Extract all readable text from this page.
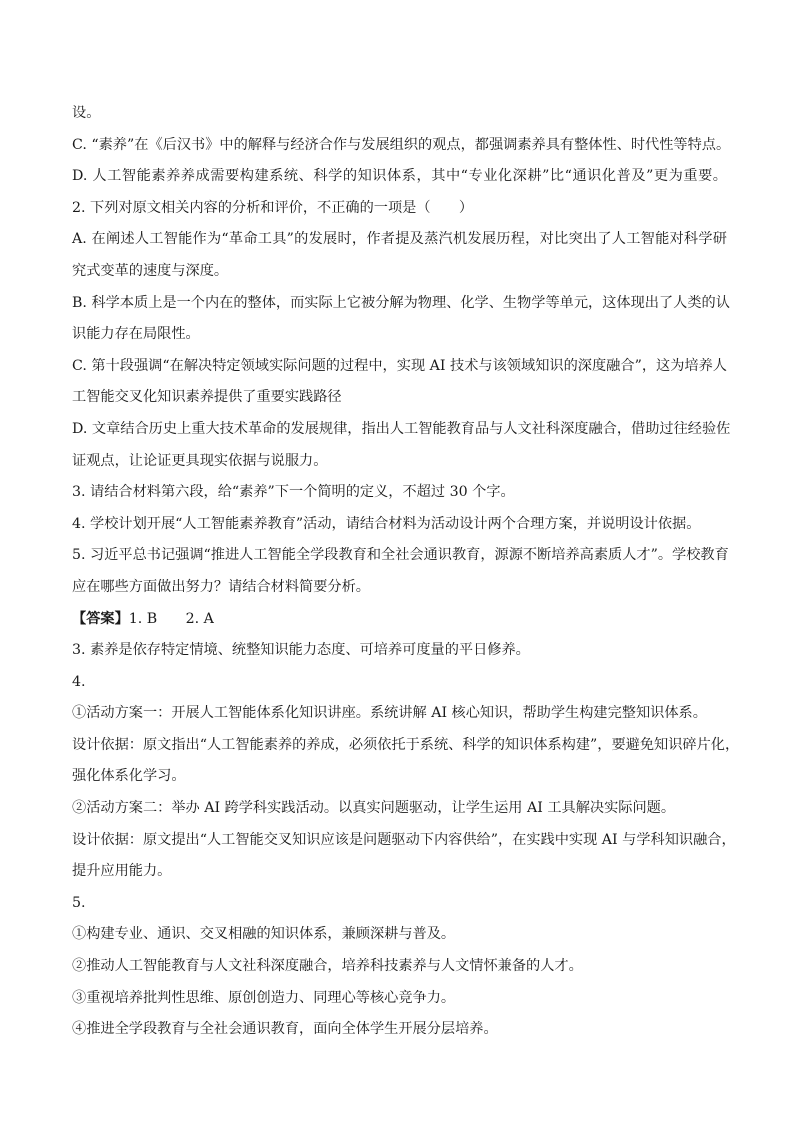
设。
C. “素养”在《后汉书》中的解释与经济合作与发展组织的观点，都强调素养具有整体性、时代性等特点。
D. 人工智能素养养成需要构建系统、科学的知识体系，其中“专业化深耕”比“通识化普及”更为重要。
2. 下列对原文相关内容的分析和评价，不正确的一项是（　　）
A. 在阐述人工智能作为“革命工具”的发展时，作者提及蒸汽机发展历程，对比突出了人工智能对科学研
究式变革的速度与深度。
B. 科学本质上是一个内在的整体，而实际上它被分解为物理、化学、生物学等单元，这体现出了人类的认
识能力存在局限性。
C. 第十段强调“在解决特定领域实际问题的过程中，实现 AI 技术与该领域知识的深度融合”，这为培养人
工智能交叉化知识素养提供了重要实践路径
D. 文章结合历史上重大技术革命的发展规律，指出人工智能教育品与人文社科深度融合，借助过往经验佐
证观点，让论证更具现实依据与说服力。
3. 请结合材料第六段，给“素养”下一个简明的定义，不超过 30 个字。
4. 学校计划开展“人工智能素养教育”活动，请结合材料为活动设计两个合理方案，并说明设计依据。
5. 习近平总书记强调“推进人工智能全学段教育和全社会通识教育，源源不断培养高素质人才”。学校教育
应在哪些方面做出努力？请结合材料简要分析。
【答案】1. B　　2. A
3. 素养是依存特定情境、统整知识能力态度、可培养可度量的平日修养。
4.
①活动方案一：开展人工智能体系化知识讲座。系统讲解 AI 核心知识，帮助学生构建完整知识体系。
设计依据：原文指出“人工智能素养的养成，必须依托于系统、科学的知识体系构建”，要避免知识碎片化，
强化体系化学习。
②活动方案二：举办 AI 跨学科实践活动。以真实问题驱动，让学生运用 AI 工具解决实际问题。
设计依据：原文提出“人工智能交叉知识应该是问题驱动下内容供给”，在实践中实现 AI 与学科知识融合，
提升应用能力。
5.
①构建专业、通识、交叉相融的知识体系，兼顾深耕与普及。
②推动人工智能教育与人文社科深度融合，培养科技素养与人文情怀兼备的人才。
③重视培养批判性思维、原创创造力、同理心等核心竞争力。
④推进全学段教育与全社会通识教育，面向全体学生开展分层培养。
